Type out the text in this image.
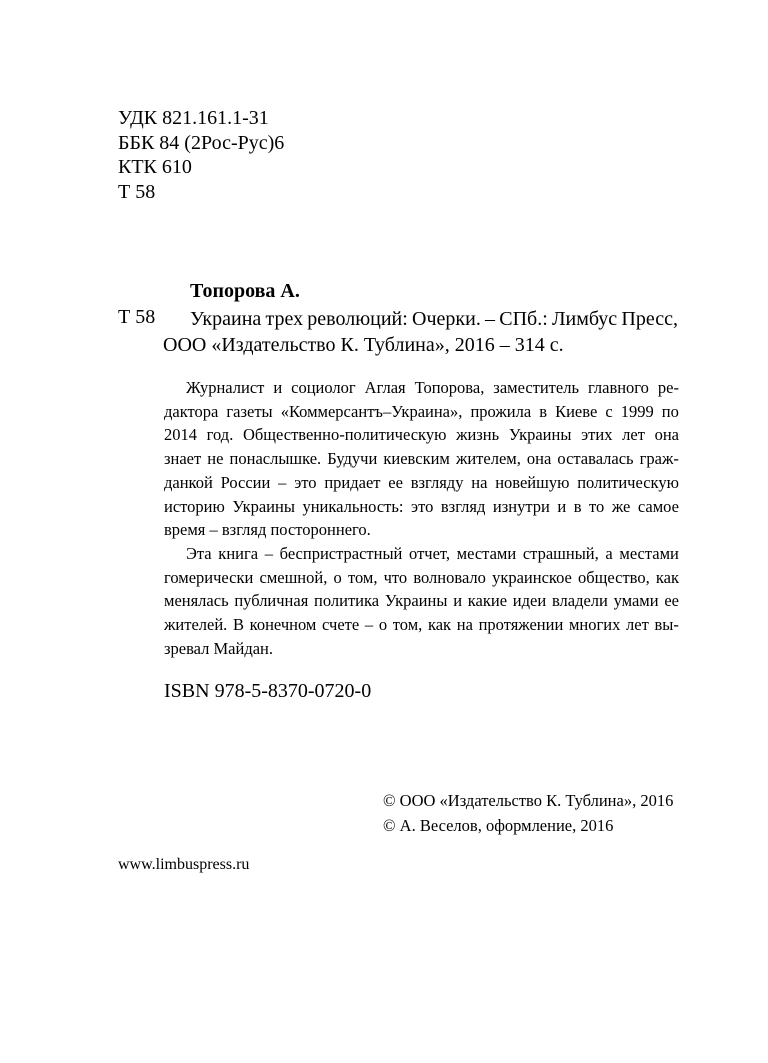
УДК 821.161.1-31
ББК 84 (2Рос-Рус)6
КТК 610
Т 58
Топорова А.
Т 58 Украина трех революций: Очерки. – СПб.: Лимбус Пресс,
ООО «Издательство К. Тублина», 2016 – 314 с.
Журналист и социолог Аглая Топорова, заместитель главного ре-
дактора газеты «Коммерсантъ–Украина», прожила в Киеве с 1999 по
2014 год. Общественно-политическую жизнь Украины этих лет она
знает не понаслышке. Будучи киевским жителем, она оставалась граж-
данкой России – это придает ее взгляду на новейшую политическую
историю Украины уникальность: это взгляд изнутри и в то же самое
время – взгляд постороннего.
Эта книга – беспристрастный отчет, местами страшный, а местами
гомерически смешной, о том, что волновало украинское общество, как
менялась публичная политика Украины и какие идеи владели умами ее
жителей. В конечном счете – о том, как на протяжении многих лет вы-
зревал Майдан.
ISBN 978-5-8370-0720-0
© ООО «Издательство К. Тублина», 2016
© А. Веселов, оформление, 2016
www.limbuspress.ru
